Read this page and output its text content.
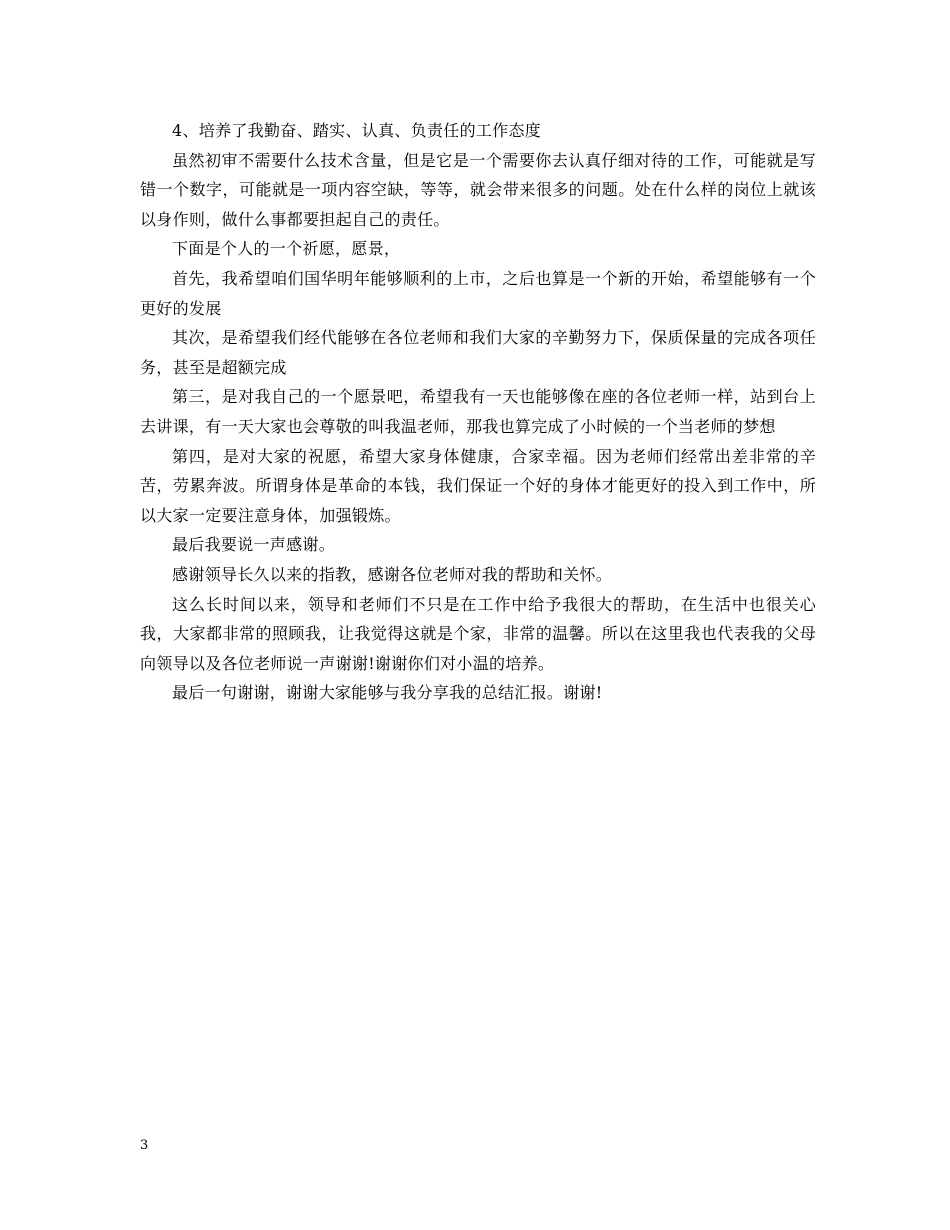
4、培养了我勤奋、踏实、认真、负责任的工作态度

虽然初审不需要什么技术含量，但是它是一个需要你去认真仔细对待的工作，可能就是写错一个数字，可能就是一项内容空缺，等等，就会带来很多的问题。处在什么样的岗位上就该以身作则，做什么事都要担起自己的责任。

下面是个人的一个祈愿，愿景，

首先，我希望咱们国华明年能够顺利的上市，之后也算是一个新的开始，希望能够有一个更好的发展

其次，是希望我们经代能够在各位老师和我们大家的辛勤努力下，保质保量的完成各项任务，甚至是超额完成

第三，是对我自己的一个愿景吧，希望我有一天也能够像在座的各位老师一样，站到台上去讲课，有一天大家也会尊敬的叫我温老师，那我也算完成了小时候的一个当老师的梦想

第四，是对大家的祝愿，希望大家身体健康，合家幸福。因为老师们经常出差非常的辛苦，劳累奔波。所谓身体是革命的本钱，我们保证一个好的身体才能更好的投入到工作中，所以大家一定要注意身体，加强锻炼。

最后我要说一声感谢。

感谢领导长久以来的指教，感谢各位老师对我的帮助和关怀。

这么长时间以来，领导和老师们不只是在工作中给予我很大的帮助，在生活中也很关心我，大家都非常的照顾我，让我觉得这就是个家，非常的温馨。所以在这里我也代表我的父母向领导以及各位老师说一声谢谢!谢谢你们对小温的培养。

最后一句谢谢，谢谢大家能够与我分享我的总结汇报。谢谢!

3
